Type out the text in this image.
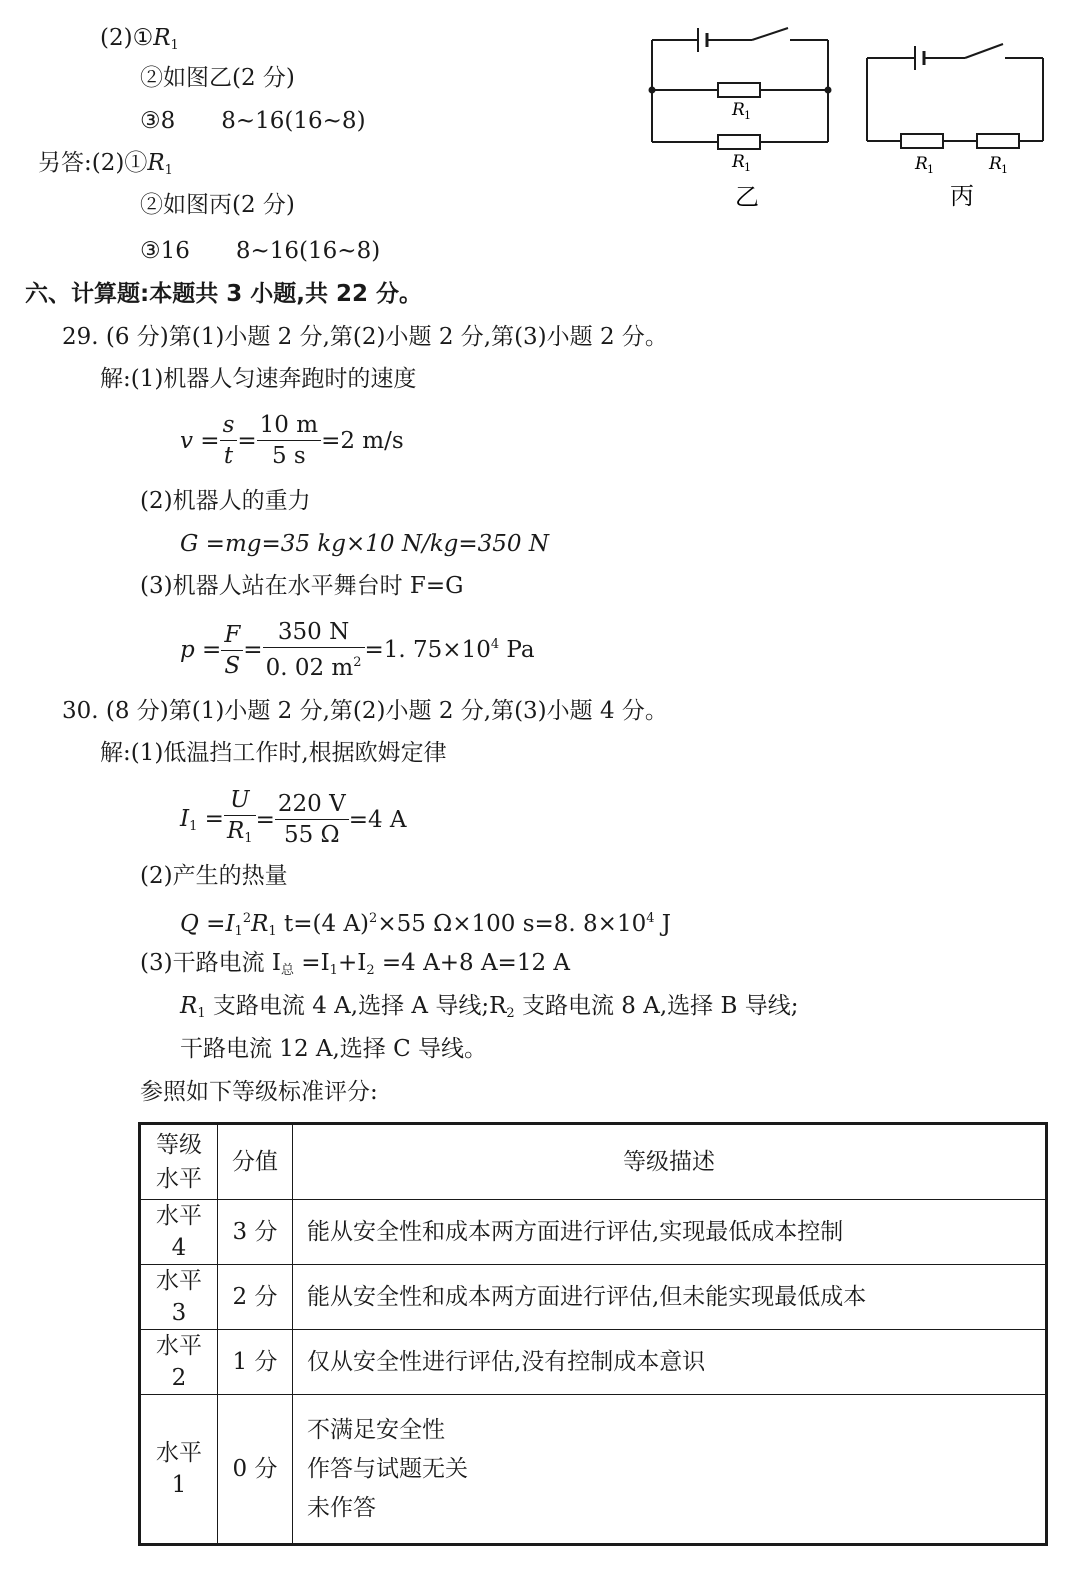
$(2)①R_1$
②如图乙(2 分)
③8　　8~16(16~8)
另答$:(2)①R_1$
②如图丙(2 分)
③16　　8~16(16~8)
R 1
R 1
乙
R 1	R 1
丙
六、计算题:本题共 3 小题,共 22 分。
29. (6 分)第(1)小题 2 分,第(2)小题 2 分,第(3)小题 2 分。
解:(1)机器人匀速奔跑时的速度
$v = \frac{s}{t} = \frac{10 m}{5 s} =2$ m/s
(2)机器人的重力
G =mg=35 kg×10 N/kg=350 N
(3)机器人站在水平舞台时 F=G
$p = \frac{F}{S} = \frac{350 N}{0. 02 m^2} =1$. $75\times 10^4$ Pa
30. (8 分)第(1)小题 2 分,第(2)小题 2 分,第(3)小题 4 分。
解:(1)低温挡工作时,根据欧姆定律
$I_1 = \frac{U}{R_1} = \frac{220 V}{55 \Omega} =4$ A
(2)产生的热量
$Q =I_1^2R_1$ t=(4 A)$^2$×55 Ω×100 s=8. $8\times 10^4$ J
(3)干路电流 $I_总 =I_1+I_2 =4$ A+8 A=12 A
$R_1$ 支路电流 4 A,选择 A 导线$;R_2$ 支路电流 8 A,选择 B 导线;
干路电流 12 A,选择 C 导线。
参照如下等级标准评分:
等级
水平	分值	等级描述
水平 4	3 分	能从安全性和成本两方面进行评估,实现最低成本控制
水平 3	2 分	能从安全性和成本两方面进行评估,但未能实现最低成本
水平 2	1 分	仅从安全性进行评估,没有控制成本意识
水平 1	0 分	不满足安全性
作答与试题无关
未作答
